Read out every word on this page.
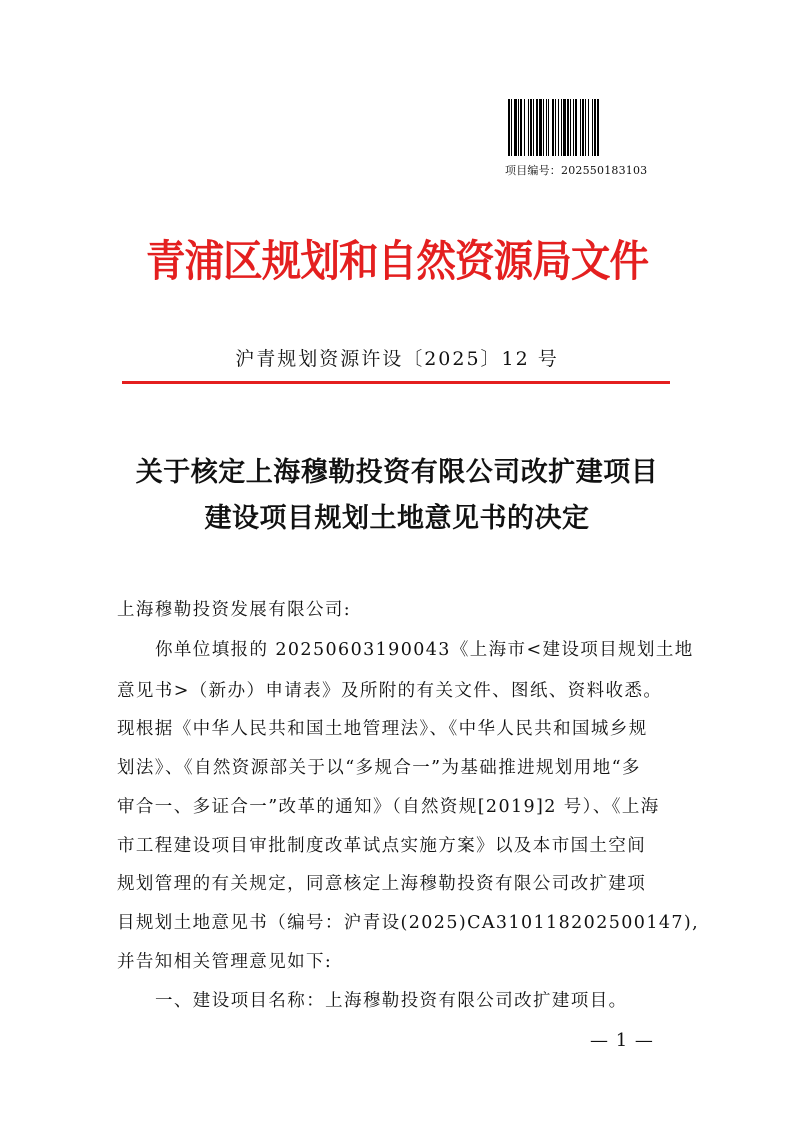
项目编号：202550183103
青浦区规划和自然资源局文件
沪青规划资源许设〔2025〕12 号
关于核定上海穆勒投资有限公司改扩建项目
建设项目规划土地意见书的决定
上海穆勒投资发展有限公司:
你单位填报的 20250603190043《上海市<建设项目规划土地
意见书>（新办）申请表》及所附的有关文件、图纸、资料收悉。
现根据《中华人民共和国土地管理法》、《中华人民共和国城乡规
划法》、《自然资源部关于以“多规合一”为基础推进规划用地“多
审合一、多证合一”改革的通知》（自然资规[2019]2 号）、《上海
市工程建设项目审批制度改革试点实施方案》以及本市国土空间
规划管理的有关规定，同意核定上海穆勒投资有限公司改扩建项
目规划土地意见书（编号：沪青设(2025)CA310118202500147),
并告知相关管理意见如下:
一、建设项目名称：上海穆勒投资有限公司改扩建项目。
— 1 —
